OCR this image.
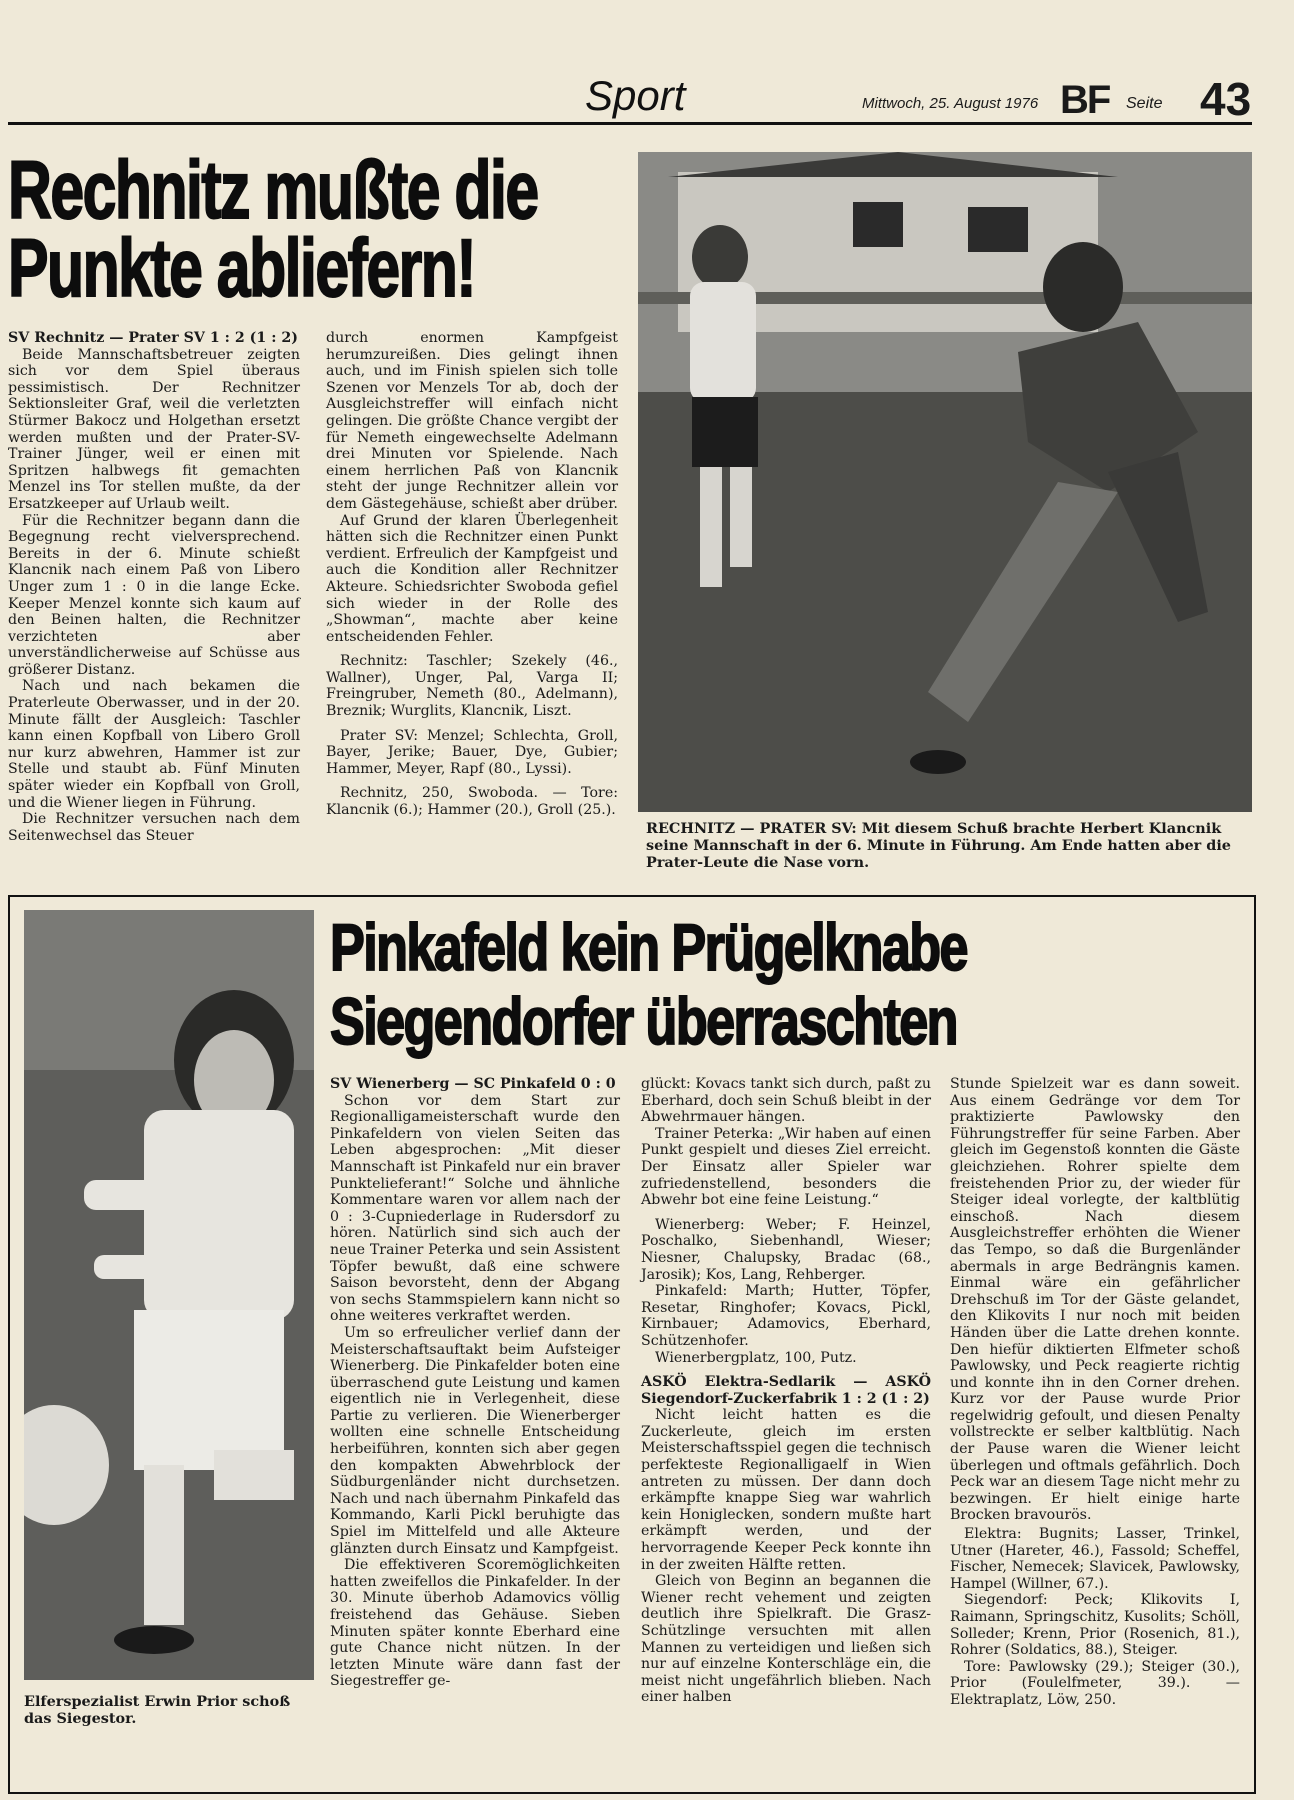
Sport	Mittwoch, 25. August 1976 BF Seite 43
Rechnitz mußte die
Punkte abliefern!

SV Rechnitz — Prater SV 1 : 2 (1 : 2)

Beide Mannschaftsbetreuer zeigten sich vor dem Spiel überaus pessimistisch. Der Rechnitzer Sektionsleiter Graf, weil die verletzten Stürmer Bakocz und Holgethan ersetzt werden mußten und der Prater-SV-Trainer Jünger, weil er einen mit Spritzen halbwegs fit gemachten Menzel ins Tor stellen mußte, da der Ersatzkeeper auf Urlaub weilt.

Für die Rechnitzer begann dann die Begegnung recht vielversprechend. Bereits in der 6. Minute schießt Klancnik nach einem Paß von Libero Unger zum 1 : 0 in die lange Ecke. Keeper Menzel konnte sich kaum auf den Beinen halten, die Rechnitzer verzichteten aber unverständlicherweise auf Schüsse aus größerer Distanz.

Nach und nach bekamen die Praterleute Oberwasser, und in der 20. Minute fällt der Ausgleich: Taschler kann einen Kopfball von Libero Groll nur kurz abwehren, Hammer ist zur Stelle und staubt ab. Fünf Minuten später wieder ein Kopfball von Groll, und die Wiener liegen in Führung.

Die Rechnitzer versuchen nach dem Seitenwechsel das Steuer

durch enormen Kampfgeist herumzureißen. Dies gelingt ihnen auch, und im Finish spielen sich tolle Szenen vor Menzels Tor ab, doch der Ausgleichstreffer will einfach nicht gelingen. Die größte Chance vergibt der für Nemeth eingewechselte Adelmann drei Minuten vor Spielende. Nach einem herrlichen Paß von Klancnik steht der junge Rechnitzer allein vor dem Gästegehäuse, schießt aber drüber.

Auf Grund der klaren Überlegenheit hätten sich die Rechnitzer einen Punkt verdient. Erfreulich der Kampfgeist und auch die Kondition aller Rechnitzer Akteure. Schiedsrichter Swoboda gefiel sich wieder in der Rolle des „Showman“, machte aber keine entscheidenden Fehler.

Rechnitz: Taschler; Szekely (46., Wallner), Unger, Pal, Varga II; Freingruber, Nemeth (80., Adelmann), Breznik; Wurglits, Klancnik, Liszt.

Prater SV: Menzel; Schlechta, Groll, Bayer, Jerike; Bauer, Dye, Gubier; Hammer, Meyer, Rapf (80., Lyssi).

Rechnitz, 250, Swoboda. — Tore: Klancnik (6.); Hammer (20.), Groll (25.).

RECHNITZ — PRATER SV: Mit diesem Schuß brachte Herbert Klancnik seine Mannschaft in der 6. Minute in Führung. Am Ende hatten aber die Prater-Leute die Nase vorn.
Elferspezialist Erwin Prior schoß das Siegestor.
Pinkafeld kein Prügelknabe
Siegendorfer überraschten

SV Wienerberg — SC Pinkafeld 0 : 0

Schon vor dem Start zur Regionalligameisterschaft wurde den Pinkafeldern von vielen Seiten das Leben abgesprochen: „Mit dieser Mannschaft ist Pinkafeld nur ein braver Punktelieferant!“ Solche und ähnliche Kommentare waren vor allem nach der 0 : 3-Cupniederlage in Rudersdorf zu hören. Natürlich sind sich auch der neue Trainer Peterka und sein Assistent Töpfer bewußt, daß eine schwere Saison bevorsteht, denn der Abgang von sechs Stammspielern kann nicht so ohne weiteres verkraftet werden.

Um so erfreulicher verlief dann der Meisterschaftsauftakt beim Aufsteiger Wienerberg. Die Pinkafelder boten eine überraschend gute Leistung und kamen eigentlich nie in Verlegenheit, diese Partie zu verlieren. Die Wienerberger wollten eine schnelle Entscheidung herbeiführen, konnten sich aber gegen den kompakten Abwehrblock der Südburgenländer nicht durchsetzen. Nach und nach übernahm Pinkafeld das Kommando, Karli Pickl beruhigte das Spiel im Mittelfeld und alle Akteure glänzten durch Einsatz und Kampfgeist.

Die effektiveren Scoremöglichkeiten hatten zweifellos die Pinkafelder. In der 30. Minute überhob Adamovics völlig freistehend das Gehäuse. Sieben Minuten später konnte Eberhard eine gute Chance nicht nützen. In der letzten Minute wäre dann fast der Siegestreffer ge-

glückt: Kovacs tankt sich durch, paßt zu Eberhard, doch sein Schuß bleibt in der Abwehrmauer hängen.

Trainer Peterka: „Wir haben auf einen Punkt gespielt und dieses Ziel erreicht. Der Einsatz aller Spieler war zufriedenstellend, besonders die Abwehr bot eine feine Leistung.“

Wienerberg: Weber; F. Heinzel, Poschalko, Siebenhandl, Wieser; Niesner, Chalupsky, Bradac (68., Jarosik); Kos, Lang, Rehberger.

Pinkafeld: Marth; Hutter, Töpfer, Resetar, Ringhofer; Kovacs, Pickl, Kirnbauer; Adamovics, Eberhard, Schützenhofer.

Wienerbergplatz, 100, Putz.

ASKÖ Elektra-Sedlarik — ASKÖ Siegendorf-Zuckerfabrik 1 : 2 (1 : 2)

Nicht leicht hatten es die Zuckerleute, gleich im ersten Meisterschaftsspiel gegen die technisch perfekteste Regionalligaelf in Wien antreten zu müssen. Der dann doch erkämpfte knappe Sieg war wahrlich kein Honiglecken, sondern mußte hart erkämpft werden, und der hervorragende Keeper Peck konnte ihn in der zweiten Hälfte retten.

Gleich von Beginn an begannen die Wiener recht vehement und zeigten deutlich ihre Spielkraft. Die Grasz-Schützlinge versuchten mit allen Mannen zu verteidigen und ließen sich nur auf einzelne Konterschläge ein, die meist nicht ungefährlich blieben. Nach einer halben

Stunde Spielzeit war es dann soweit. Aus einem Gedränge vor dem Tor praktizierte Pawlowsky den Führungstreffer für seine Farben. Aber gleich im Gegenstoß konnten die Gäste gleichziehen. Rohrer spielte dem freistehenden Prior zu, der wieder für Steiger ideal vorlegte, der kaltblütig einschoß. Nach diesem Ausgleichstreffer erhöhten die Wiener das Tempo, so daß die Burgenländer abermals in arge Bedrängnis kamen. Einmal wäre ein gefährlicher Drehschuß im Tor der Gäste gelandet, den Klikovits I nur noch mit beiden Händen über die Latte drehen konnte. Den hiefür diktierten Elfmeter schoß Pawlowsky, und Peck reagierte richtig und konnte ihn in den Corner drehen. Kurz vor der Pause wurde Prior regelwidrig gefoult, und diesen Penalty vollstreckte er selber kaltblütig. Nach der Pause waren die Wiener leicht überlegen und oftmals gefährlich. Doch Peck war an diesem Tage nicht mehr zu bezwingen. Er hielt einige harte Brocken bravourös.

Elektra: Bugnits; Lasser, Trinkel, Utner (Hareter, 46.), Fassold; Scheffel, Fischer, Nemecek; Slavicek, Pawlowsky, Hampel (Willner, 67.).

Siegendorf: Peck; Klikovits I, Raimann, Springschitz, Kusolits; Schöll, Solleder; Krenn, Prior (Rosenich, 81.), Rohrer (Soldatics, 88.), Steiger.

Tore: Pawlowsky (29.); Steiger (30.), Prior (Foulelfmeter, 39.). — Elektraplatz, Löw, 250.
